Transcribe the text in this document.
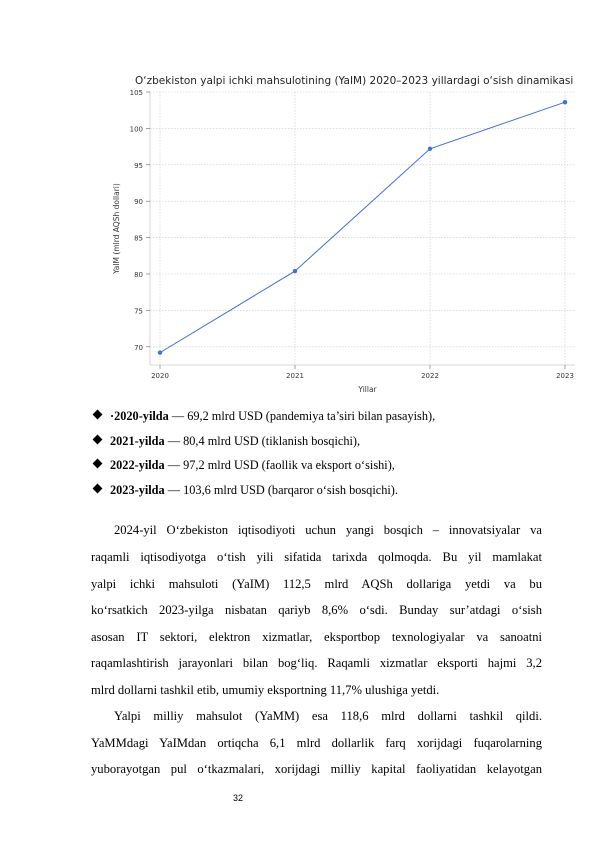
O‘zbekiston yalpi ichki mahsulotining (YaIM) 2020–2023 yillardagi o‘sish dinamikasi
70
75
80
85
90
95
100
105
2020	2021	2022	2023
Yillar
YaIM (mlrd AQSh dollari)
·2020-yilda — 69,2 mlrd USD (pandemiya ta’siri bilan pasayish),
2021-yilda — 80,4 mlrd USD (tiklanish bosqichi),
2022-yilda — 97,2 mlrd USD (faollik va eksport o‘sishi),
2023-yilda — 103,6 mlrd USD (barqaror o‘sish bosqichi).
2024-yil O‘zbekiston iqtisodiyoti uchun yangi bosqich – innovatsiyalar va
raqamli iqtisodiyotga o‘tish yili sifatida tarixda qolmoqda. Bu yil mamlakat
yalpi ichki mahsuloti (YaIM) 112,5 mlrd AQSh dollariga yetdi va bu
ko‘rsatkich 2023-yilga nisbatan qariyb 8,6% o‘sdi. Bunday sur’atdagi o‘sish
asosan IT sektori, elektron xizmatlar, eksportbop texnologiyalar va sanoatni
raqamlashtirish jarayonlari bilan bog‘liq. Raqamli xizmatlar eksporti hajmi 3,2
mlrd dollarni tashkil etib, umumiy eksportning 11,7% ulushiga yetdi.
Yalpi milliy mahsulot (YaMM) esa 118,6 mlrd dollarni tashkil qildi.
YaMMdagi YaIMdan ortiqcha 6,1 mlrd dollarlik farq xorijdagi fuqarolarning
yuborayotgan pul o‘tkazmalari, xorijdagi milliy kapital faoliyatidan kelayotgan
32
